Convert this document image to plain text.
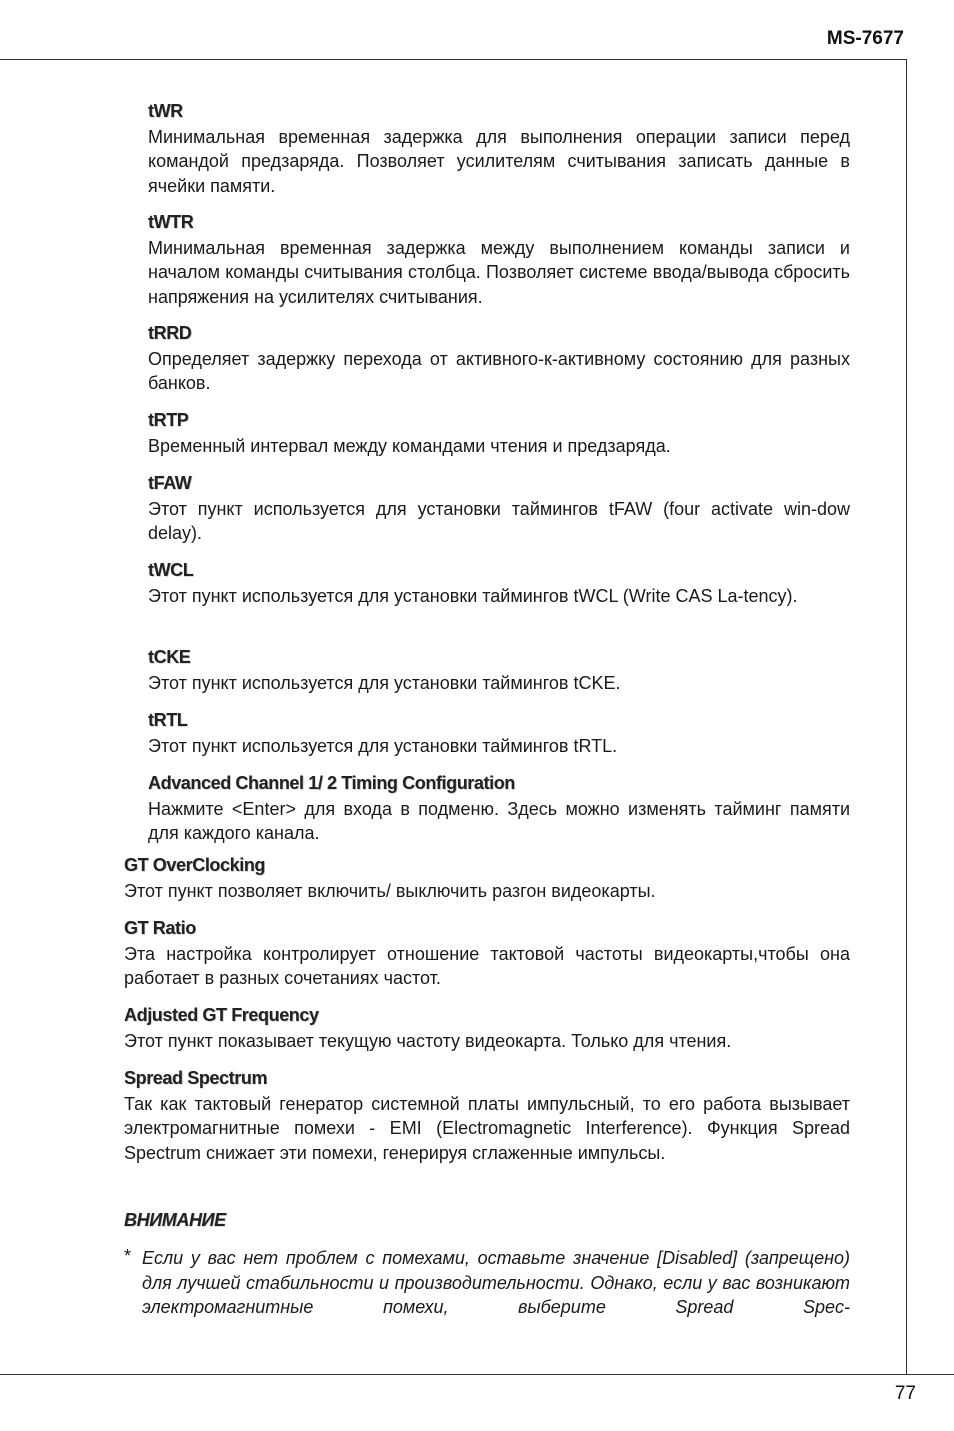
MS-7677
tWR
Минимальная временная задержка для выполнения операции записи перед командой предзаряда. Позволяет усилителям считывания записать данные в ячейки памяти.
tWTR
Минимальная временная задержка между выполнением команды записи и началом команды считывания столбца. Позволяет системе ввода/вывода сбросить напряжения на усилителях считывания.
tRRD
Определяет задержку перехода от активного-к-активному состоянию для разных банков.
tRTP
Временный интервал между командами чтения и предзаряда.
tFAW
Этот пункт используется для установки таймингов tFAW (four activate win-dow delay).
tWCL
Этот пункт используется для установки таймингов tWCL (Write CAS La-tency).
tCKE
Этот пункт используется для установки таймингов tCKE.
tRTL
Этот пункт используется для установки таймингов tRTL.
Advanced Channel 1/ 2 Timing Configuration
Нажмите <Enter> для входа в подменю. Здесь можно изменять тайминг памяти для каждого канала.
GT OverClocking
Этот пункт позволяет включить/ выключить разгон видеокарты.
GT Ratio
Эта настройка контролирует отношение тактовой частоты видеокарты,чтобы она работает в разных сочетаниях частот.
Adjusted GT Frequency
Этот пункт показывает текущую частоту видеокарта. Только для чтения.
Spread Spectrum
Так как тактовый генератор системной платы импульсный, то его работа вызывает электромагнитные помехи - EMI (Electromagnetic Interference). Функция Spread Spectrum снижает эти помехи, генерируя сглаженные импульсы.
ВНИМАНИЕ
* Если у вас нет проблем с помехами, оставьте значение [Disabled] (запрещено) для лучшей стабильности и производительности. Однако, если у вас возникают электромагнитные помехи, выберите Spread Spec-
77
